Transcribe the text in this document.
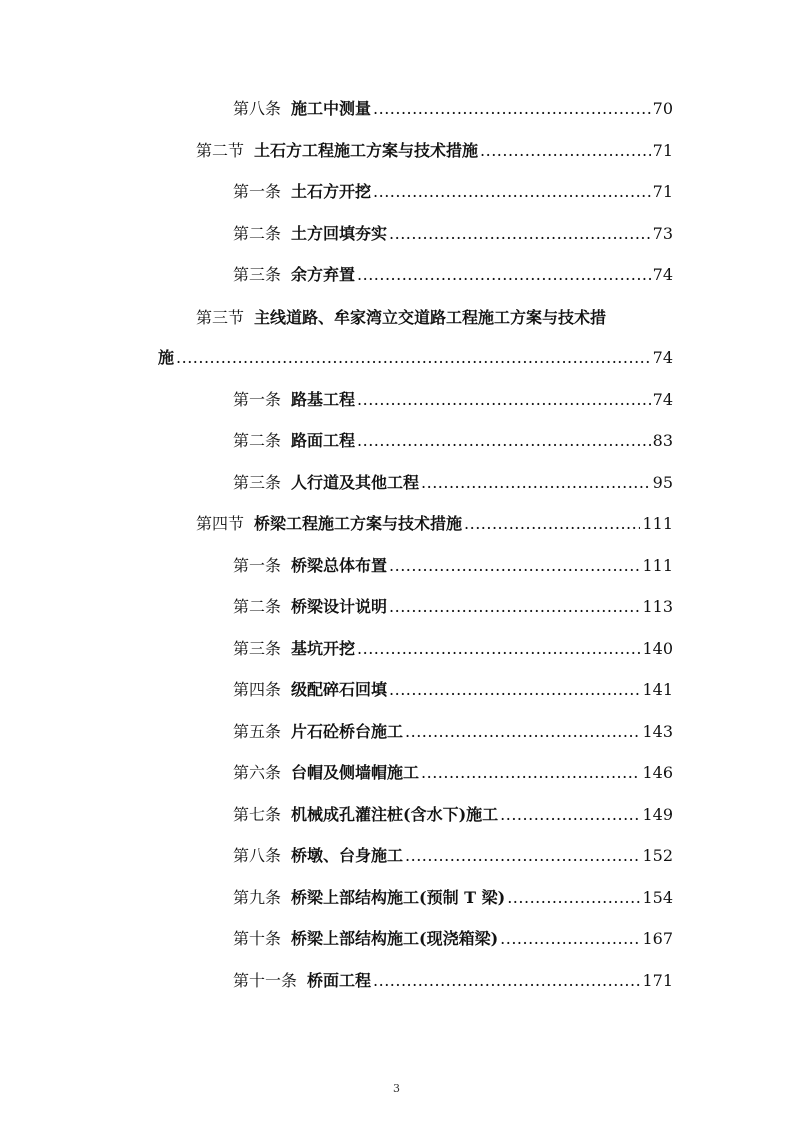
第八条 施工中测量 .....	70
第二节 土石方工程施工方案与技术措施 .....	71
第一条 土石方开挖 .....	71
第二条 土方回填夯实 .....	73
第三条 余方弃置 .....	74
第三节 主线道路、牟家湾立交道路工程施工方案与技术措
施 .....	74
第一条 路基工程 .....	74
第二条 路面工程 .....	83
第三条 人行道及其他工程 .....	95
第四节 桥梁工程施工方案与技术措施 .....	111
第一条 桥梁总体布置 .....	111
第二条 桥梁设计说明 .....	113
第三条 基坑开挖 .....	140
第四条 级配碎石回填 .....	141
第五条 片石砼桥台施工 .....	143
第六条 台帽及侧墙帽施工 .....	146
第七条 机械成孔灌注桩(含水下)施工 .....	149
第八条 桥墩、台身施工 .....	152
第九条 桥梁上部结构施工(预制 T 梁) .....	154
第十条 桥梁上部结构施工(现浇箱梁) .....	167
第十一条 桥面工程 .....	171
3
